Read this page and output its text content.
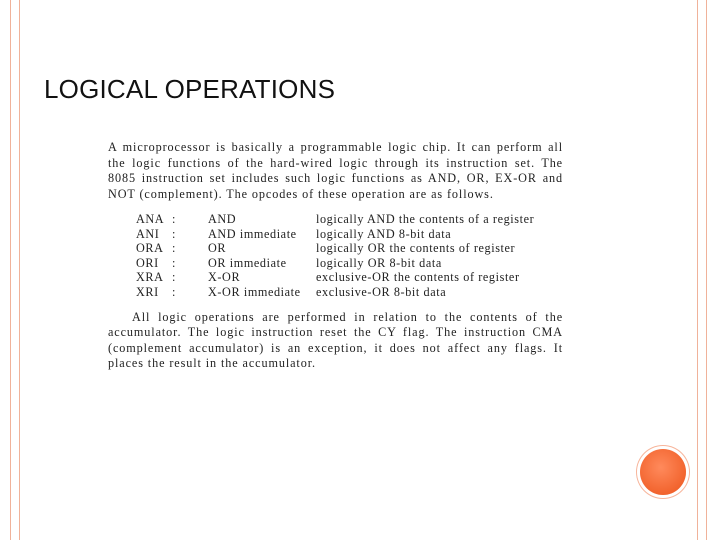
LOGICAL OPERATIONS

A microprocessor is basically a programmable logic chip. It can perform all the logic functions of the hard-wired logic through its instruction set. The 8085 instruction set includes such logic functions as AND, OR, EX-OR and NOT (complement). The opcodes of these operation are as follows.

ANA	:	AND	logically AND the contents of a register
ANI	:	AND immediate	logically AND 8-bit data
ORA	:	OR	logically OR the contents of register
ORI	:	OR immediate	logically OR 8-bit data
XRA	:	X-OR	exclusive-OR the contents of register
XRI	:	X-OR immediate	exclusive-OR 8-bit data

All logic operations are performed in relation to the contents of the accumulator. The logic instruction reset the CY flag. The instruction CMA (complement accumulator) is an exception, it does not affect any flags. It places the result in the accumulator.
